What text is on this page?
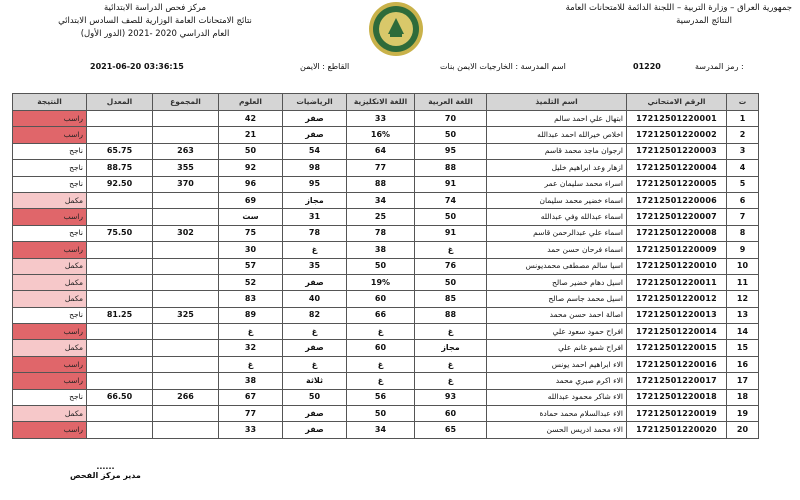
مركز فحص الدراسة الابتدائية
نتائج الامتحانات العامة الوزارية للصف السادس الابتدائي
العام الدراسي 2020 -2021 (الدور الأول)
جمهورية العراق – وزارة التربية – اللجنة الدائمة للامتحانات العامة
النتائج المدرسية
2021-06-20 03:36:15	القاطع : الايمن	اسم المدرسة : الخارجيات الايمن بنات	01220	رمز المدرسة :
ت	الرقم الامتحاني	اسم التلميذ	اللغة العربية	اللغة الانكليزية	الرياضيات	العلوم	المجموع	المعدل	النتيجة
1	17212501220001	ابتهال علي احمد سالم	70	33	صفر	42			راسب
2	17212501220002	اخلاص خيرالله احمد عبدالله	50	16%	صفر	21			راسب
3	17212501220003	ارجوان ماجد محمد قاسم	95	64	54	50	263	65.75	ناجح
4	17212501220004	ازهار وعد ابراهيم خليل	88	77	98	92	355	88.75	ناجح
5	17212501220005	اسراء محمد سليمان عمر	91	88	95	96	370	92.50	ناجح
6	17212501220006	اسماء خضير محمد سليمان	74	34	مجاز	69			مكمل
7	17212501220007	اسماء عبدالله وفي عبدالله	50	25	31	ست			راسب
8	17212501220008	اسماء علي عبدالرحمن قاسم	91	78	78	75	302	75.50	ناجح
9	17212501220009	اسماء فرحان حسن حمد	غ	38	غ	30			راسب
10	17212501220010	اسيا سالم مصطفى محمديونس	76	50	35	57			مكمل
11	17212501220011	اسيل دهام خضير صالح	50	19%	صفر	52			مكمل
12	17212501220012	اسيل محمد جاسم صالح	85	60	40	83			مكمل
13	17212501220013	اصالة احمد حسن محمد	88	66	82	89	325	81.25	ناجح
14	17212501220014	افراح حمود سعود علي	غ	غ	غ	غ			راسب
15	17212501220015	افراح شمو غانم علي	مجاز	60	صفر	32			مكمل
16	17212501220016	الاء ابراهيم احمد يونس	غ	غ	غ	غ			راسب
17	17212501220017	الاء اكرم صبري محمد	غ	غ	ثلاثة	38			راسب
18	17212501220018	الاء شاكر محمود عبدالله	93	56	50	67	266	66.50	ناجح
19	17212501220019	الاء عبدالسلام محمد حمادة	60	50	صفر	77			مكمل
20	17212501220020	الاء محمد ادريس الحسن	65	34	صفر	33			راسب
......
مدير مركز الفحص
